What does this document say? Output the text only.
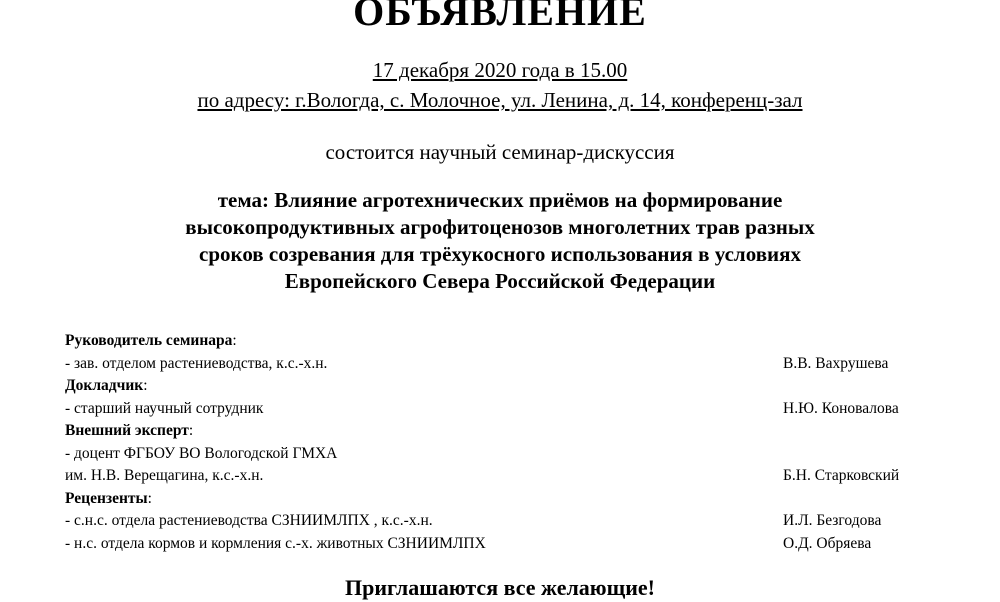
ОБЪЯВЛЕНИЕ
17 декабря 2020 года в 15.00
по адресу: г.Вологда, с. Молочное, ул. Ленина, д. 14, конференц-зал
состоится научный семинар-дискуссия
тема: Влияние агротехнических приёмов на формирование
высокопродуктивных агрофитоценозов многолетних трав разных
сроков созревания для трёхукосного использования в условиях
Европейского Севера Российской Федерации
Руководитель семинара:
- зав. отделом растениеводства, к.с.-х.н.	В.В. Вахрушева
Докладчик:
- старший научный сотрудник	Н.Ю. Коновалова
Внешний эксперт:
- доцент ФГБОУ ВО Вологодской ГМХА
им. Н.В. Верещагина, к.с.-х.н.	Б.Н. Старковский
Рецензенты:
- с.н.с. отдела растениеводства СЗНИИМЛПХ , к.с.-х.н.	И.Л. Безгодова
- н.с. отдела кормов и кормления с.-х. животных СЗНИИМЛПХ	О.Д. Обряева
Приглашаются все желающие!
